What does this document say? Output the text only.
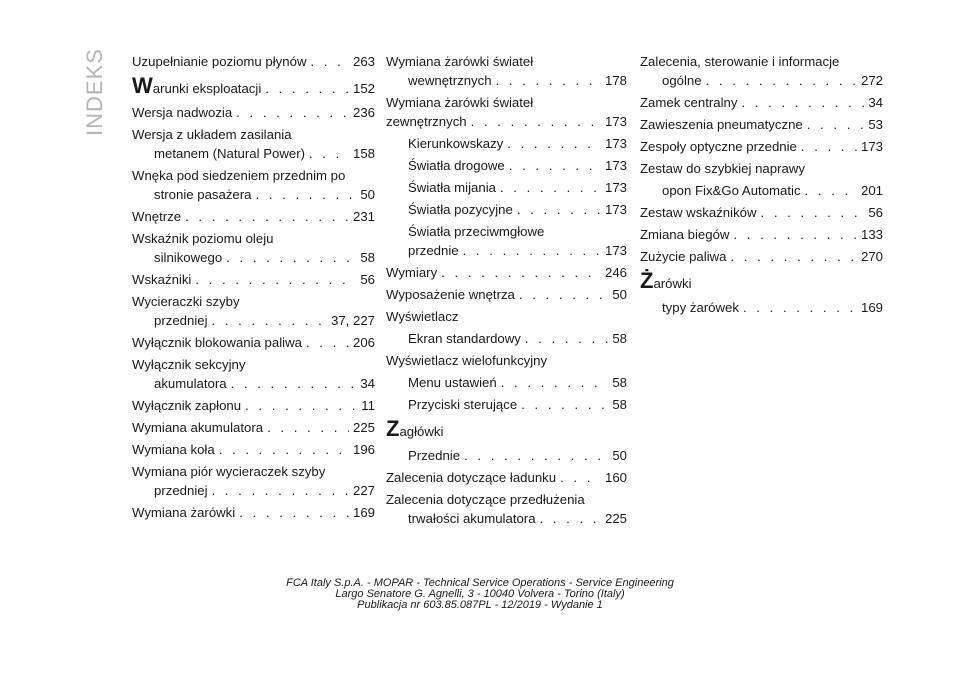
INDEKS Uzupełnianie poziomu płynów . . .	263
Warunki eksploatacji . . .	152
Wersja nadwozia . . .	236
Wersja z układem zasilania
metanem (Natural Power) . . .	158
Wnęka pod siedzeniem przednim po
stronie pasażera . . .	50
Wnętrze . . .	231
Wskaźnik poziomu oleju
silnikowego . . .	58
Wskaźniki . . .	56
Wycieraczki szyby
przedniej . . .	37, 227
Wyłącznik blokowania paliwa . . .	206
Wyłącznik sekcyjny
akumulatora . . .	34
Wyłącznik zapłonu . . .	11
Wymiana akumulatora . . .	225
Wymiana koła . . .	196
Wymiana piór wycieraczek szyby
przedniej . . .	227
Wymiana żarówki . . .	169
Wymiana żarówki świateł
wewnętrznych . . .	178
Wymiana żarówki świateł
zewnętrznych . . .	173
Kierunkowskazy . . .	173
Światła drogowe . . .	173
Światła mijania . . .	173
Światła pozycyjne . . .	173
Światła przeciwmgłowe
przednie . . .	173
Wymiary . . .	246
Wyposażenie wnętrza . . .	50
Wyświetlacz
Ekran standardowy . . .	58
Wyświetlacz wielofunkcyjny
Menu ustawień . . .	58
Przyciski sterujące . . .	58
Zagłówki
Przednie . . .	50
Zalecenia dotyczące ładunku . . .	160
Zalecenia dotyczące przedłużenia
trwałości akumulatora . . .	225
Zalecenia, sterowanie i informacje
ogólne . . .	272
Zamek centralny . . .	34
Zawieszenia pneumatyczne . . .	53
Zespoły optyczne przednie . . .	173
Zestaw do szybkiej naprawy
opon Fix&Go Automatic . . .	201
Zestaw wskaźników . . .	56
Zmiana biegów . . .	133
Zużycie paliwa . . .	270
Żarówki
typy żarówek . . .	169
FCA Italy S.p.A. - MOPAR - Technical Service Operations - Service Engineering
Largo Senatore G. Agnelli, 3 - 10040 Volvera - Torino (Italy)
Publikacja nr 603.85.087PL - 12/2019 - Wydanie 1
